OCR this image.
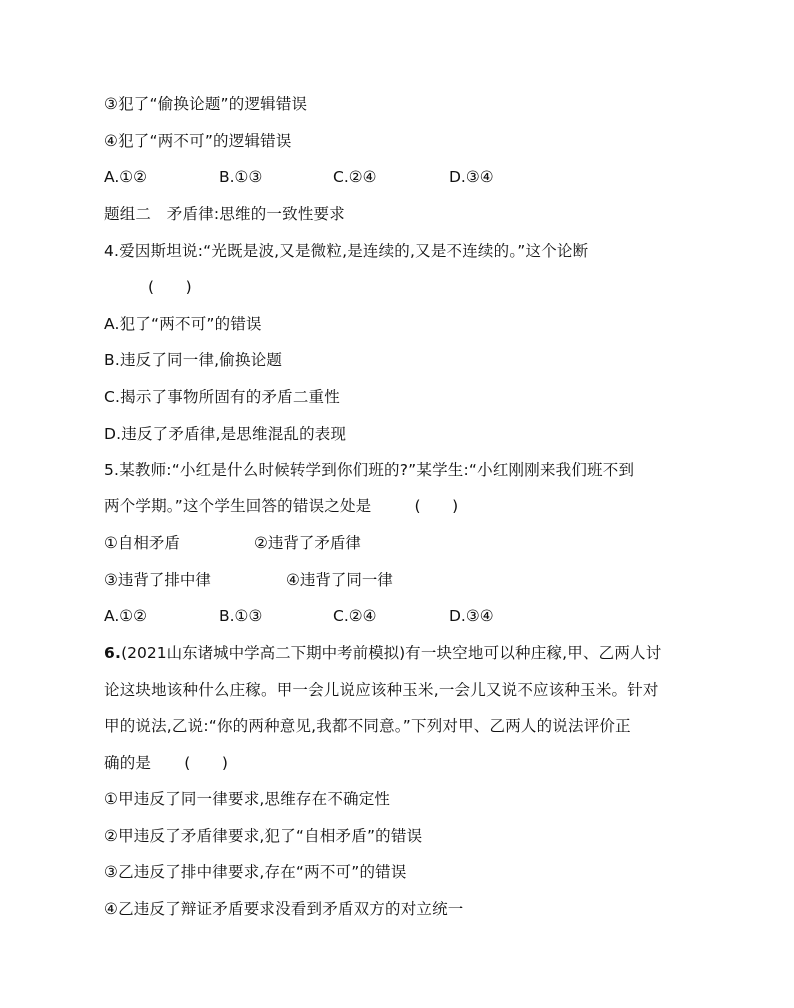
③犯了“偷换论题”的逻辑错误
④犯了“两不可”的逻辑错误
A.①②	B.①③	C.②④	D.③④
题组二　矛盾律:思维的一致性要求
4.爱因斯坦说:“光既是波,又是微粒,是连续的,又是不连续的。”这个论断
(　　)
A.犯了“两不可”的错误
B.违反了同一律,偷换论题
C.揭示了事物所固有的矛盾二重性
D.违反了矛盾律,是思维混乱的表现
5.某教师:“小红是什么时候转学到你们班的?”某学生:“小红刚刚来我们班不到
两个学期。”这个学生回答的错误之处是	(　　)
①自相矛盾	②违背了矛盾律
③违背了排中律	④违背了同一律
A.①②	B.①③	C.②④	D.③④
6.(2021山东诸城中学高二下期中考前模拟)有一块空地可以种庄稼,甲、乙两人讨
论这块地该种什么庄稼。甲一会儿说应该种玉米,一会儿又说不应该种玉米。针对
甲的说法,乙说:“你的两种意见,我都不同意。”下列对甲、乙两人的说法评价正
确的是 (　　)
①甲违反了同一律要求,思维存在不确定性
②甲违反了矛盾律要求,犯了“自相矛盾”的错误
③乙违反了排中律要求,存在“两不可”的错误
④乙违反了辩证矛盾要求没看到矛盾双方的对立统一
